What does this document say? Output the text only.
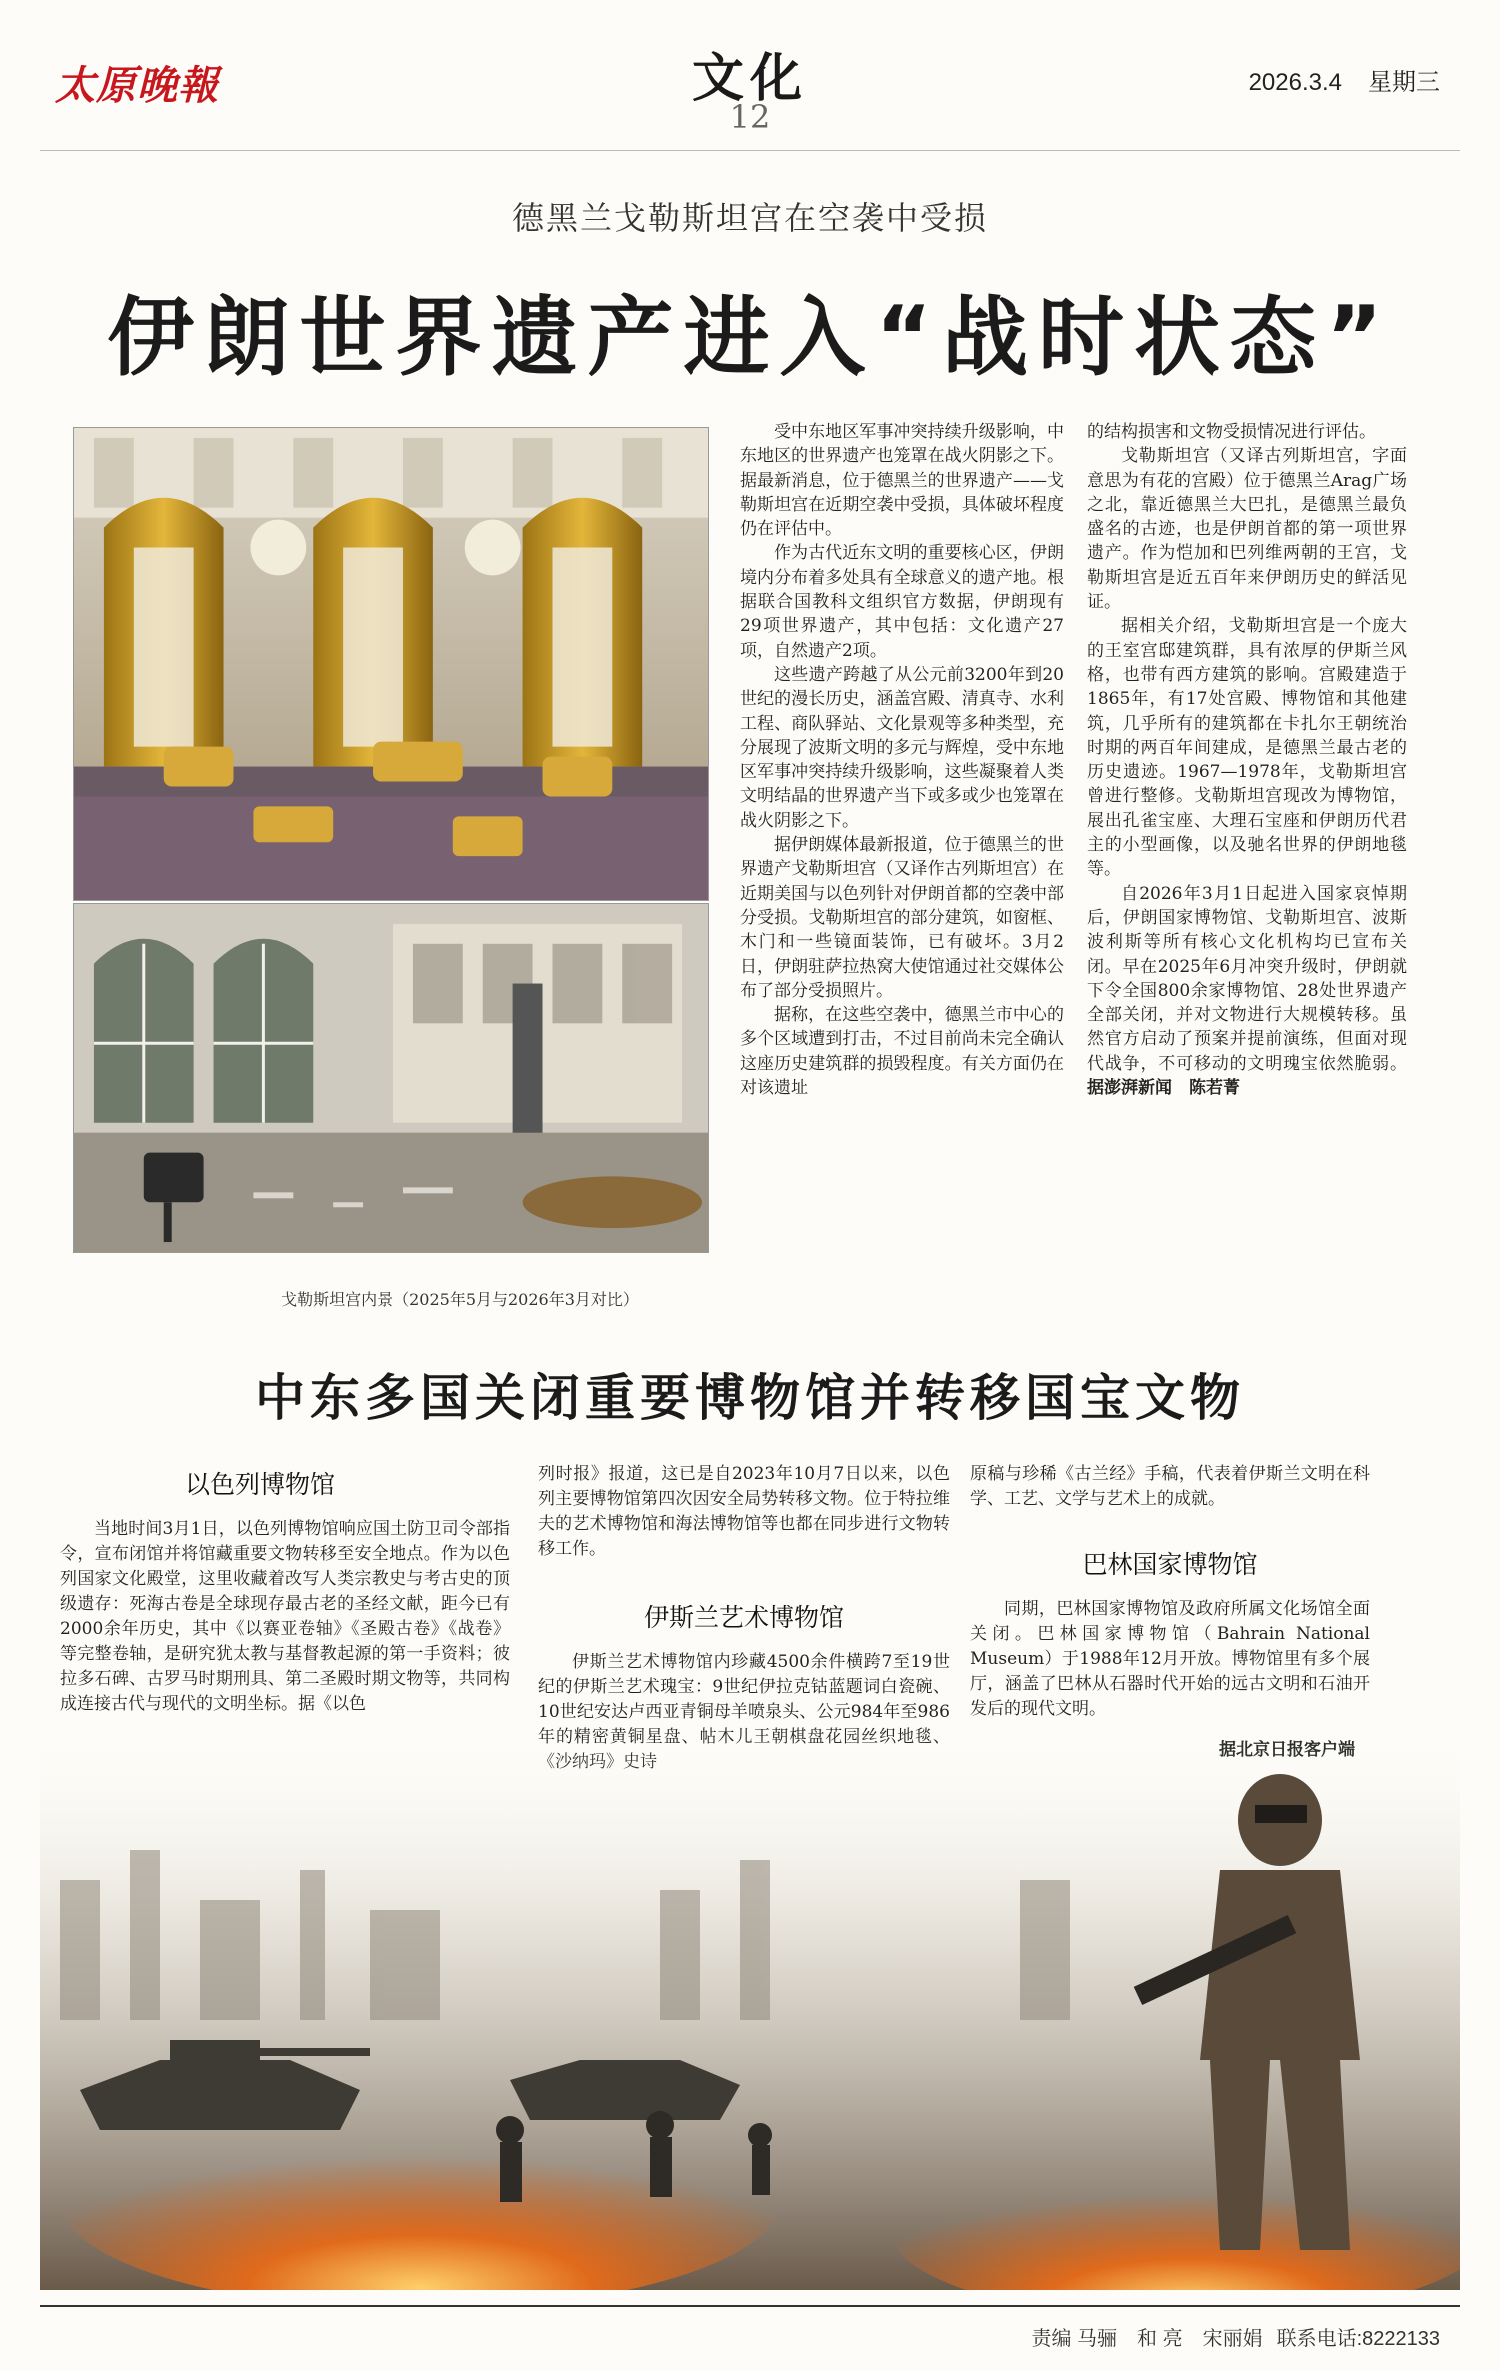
太原晚報	文化
12
2026.3.4 星期三
德黑兰戈勒斯坦宫在空袭中受损
伊朗世界遗产进入“战时状态”
戈勒斯坦宫内景（2025年5月与2026年3月对比）

受中东地区军事冲突持续升级影响，中东地区的世界遗产也笼罩在战火阴影之下。据最新消息，位于德黑兰的世界遗产——戈勒斯坦宫在近期空袭中受损，具体破坏程度仍在评估中。

作为古代近东文明的重要核心区，伊朗境内分布着多处具有全球意义的遗产地。根据联合国教科文组织官方数据，伊朗现有29项世界遗产，其中包括：文化遗产27项，自然遗产2项。

这些遗产跨越了从公元前3200年到20世纪的漫长历史，涵盖宫殿、清真寺、水利工程、商队驿站、文化景观等多种类型，充分展现了波斯文明的多元与辉煌，受中东地区军事冲突持续升级影响，这些凝聚着人类文明结晶的世界遗产当下或多或少也笼罩在战火阴影之下。

据伊朗媒体最新报道，位于德黑兰的世界遗产戈勒斯坦宫（又译作古列斯坦宫）在近期美国与以色列针对伊朗首都的空袭中部分受损。戈勒斯坦宫的部分建筑，如窗框、木门和一些镜面装饰，已有破坏。3月2日，伊朗驻萨拉热窝大使馆通过社交媒体公布了部分受损照片。

据称，在这些空袭中，德黑兰市中心的多个区域遭到打击，不过目前尚未完全确认这座历史建筑群的损毁程度。有关方面仍在对该遗址

的结构损害和文物受损情况进行评估。

戈勒斯坦宫（又译古列斯坦宫，字面意思为有花的宫殿）位于德黑兰Arag广场之北，靠近德黑兰大巴扎，是德黑兰最负盛名的古迹，也是伊朗首都的第一项世界遗产。作为恺加和巴列维两朝的王宫，戈勒斯坦宫是近五百年来伊朗历史的鲜活见证。

据相关介绍，戈勒斯坦宫是一个庞大的王室宫邸建筑群，具有浓厚的伊斯兰风格，也带有西方建筑的影响。宫殿建造于1865年，有17处宫殿、博物馆和其他建筑，几乎所有的建筑都在卡扎尔王朝统治时期的两百年间建成，是德黑兰最古老的历史遗迹。1967—1978年，戈勒斯坦宫曾进行整修。戈勒斯坦宫现改为博物馆，展出孔雀宝座、大理石宝座和伊朗历代君主的小型画像，以及驰名世界的伊朗地毯等。

自2026年3月1日起进入国家哀悼期后，伊朗国家博物馆、戈勒斯坦宫、波斯波利斯等所有核心文化机构均已宣布关闭。早在2025年6月冲突升级时，伊朗就下令全国800余家博物馆、28处世界遗产全部关闭，并对文物进行大规模转移。虽然官方启动了预案并提前演练，但面对现代战争，不可移动的文明瑰宝依然脆弱。据澎湃新闻　陈若菁

中东多国关闭重要博物馆并转移国宝文物
以色列博物馆

当地时间3月1日，以色列博物馆响应国土防卫司令部指令，宣布闭馆并将馆藏重要文物转移至安全地点。作为以色列国家文化殿堂，这里收藏着改写人类宗教史与考古史的顶级遗存：死海古卷是全球现存最古老的圣经文献，距今已有2000余年历史，其中《以赛亚卷轴》《圣殿古卷》《战卷》等完整卷轴，是研究犹太教与基督教起源的第一手资料；彼拉多石碑、古罗马时期刑具、第二圣殿时期文物等，共同构成连接古代与现代的文明坐标。据《以色

列时报》报道，这已是自2023年10月7日以来，以色列主要博物馆第四次因安全局势转移文物。位于特拉维夫的艺术博物馆和海法博物馆等也都在同步进行文物转移工作。

伊斯兰艺术博物馆

伊斯兰艺术博物馆内珍藏4500余件横跨7至19世纪的伊斯兰艺术瑰宝：9世纪伊拉克钴蓝题词白瓷碗、10世纪安达卢西亚青铜母羊喷泉头、公元984年至986

原稿与珍稀《古兰经》手稿，代表着伊斯兰文明在科学、工艺、文学与艺术上的成就。

巴林国家博物馆

同期，巴林国家博物馆及政府所属文化场馆全面关闭。巴林国家博物馆（Bahrain National Museum）于1988年12月开放。博物馆里有多个展厅，涵盖了巴林从石器时代开始的远古文明和石油开发后的现代文明。

责编 马骊　和 亮　宋丽娟 联系电话:8222133
